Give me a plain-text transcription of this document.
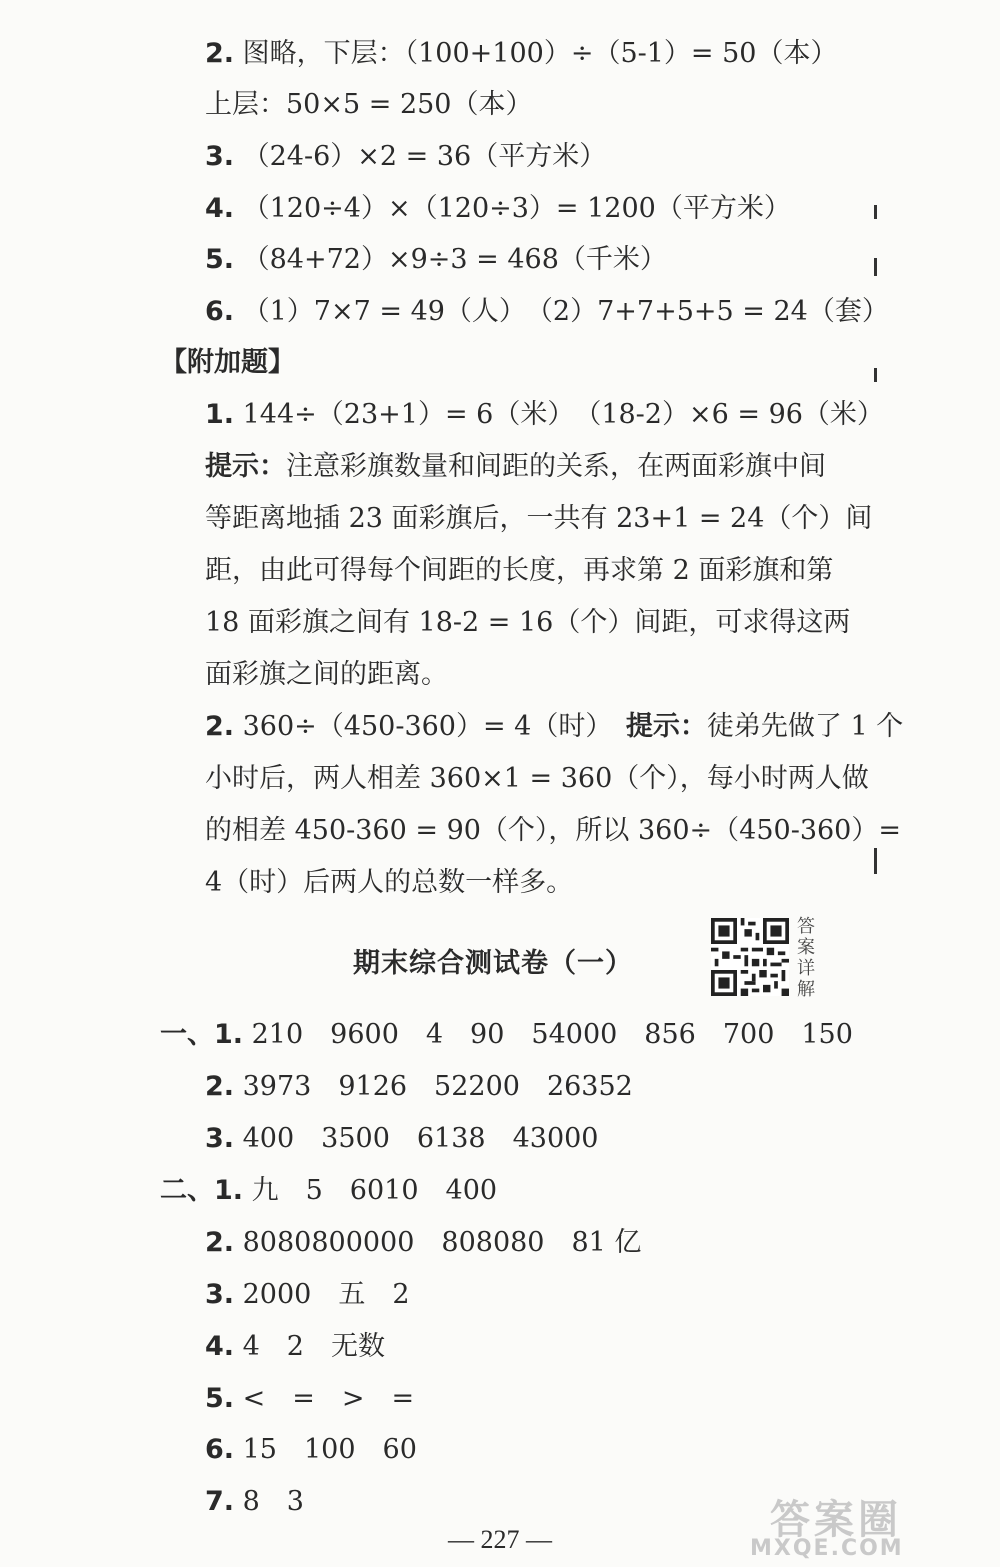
2. 图略，下层：（100+100）÷（5-1）= 50（本）
上层：50×5 = 250（本）
3. （24-6）×2 = 36（平方米）
4. （120÷4）×（120÷3）= 1200（平方米）
5. （84+72）×9÷3 = 468（千米）
6. （1）7×7 = 49（人）　（2）7+7+5+5 = 24（套）
【附加题】
1. 144÷（23+1）= 6（米）　（18-2）×6 = 96（米）
提示：注意彩旗数量和间距的关系，在两面彩旗中间
等距离地插 23 面彩旗后，一共有 23+1 = 24（个）间
距，由此可得每个间距的长度，再求第 2 面彩旗和第
18 面彩旗之间有 18-2 = 16（个）间距，可求得这两
面彩旗之间的距离。
2. 360÷（450-360）= 4（时）　提示：徒弟先做了 1 个
小时后，两人相差 360×1 = 360（个），每小时两人做
的相差 450-360 = 90（个），所以 360÷（450-360）=
4（时）后两人的总数一样多。
期末综合测试卷（一）
答案详解
一、1. 210　9600　4　90　54000　856　700　150
2. 3973　9126　52200　26352
3. 400　3500　6138　43000
二、1. 九　5　6010　400
2. 8080800000　808080　81 亿
3. 2000　五　2
4. 4　2　无数
5. <　=　>　=
6. 15　100　60
7. 8　3
— 227 —	答案圈
MXQE.COM
